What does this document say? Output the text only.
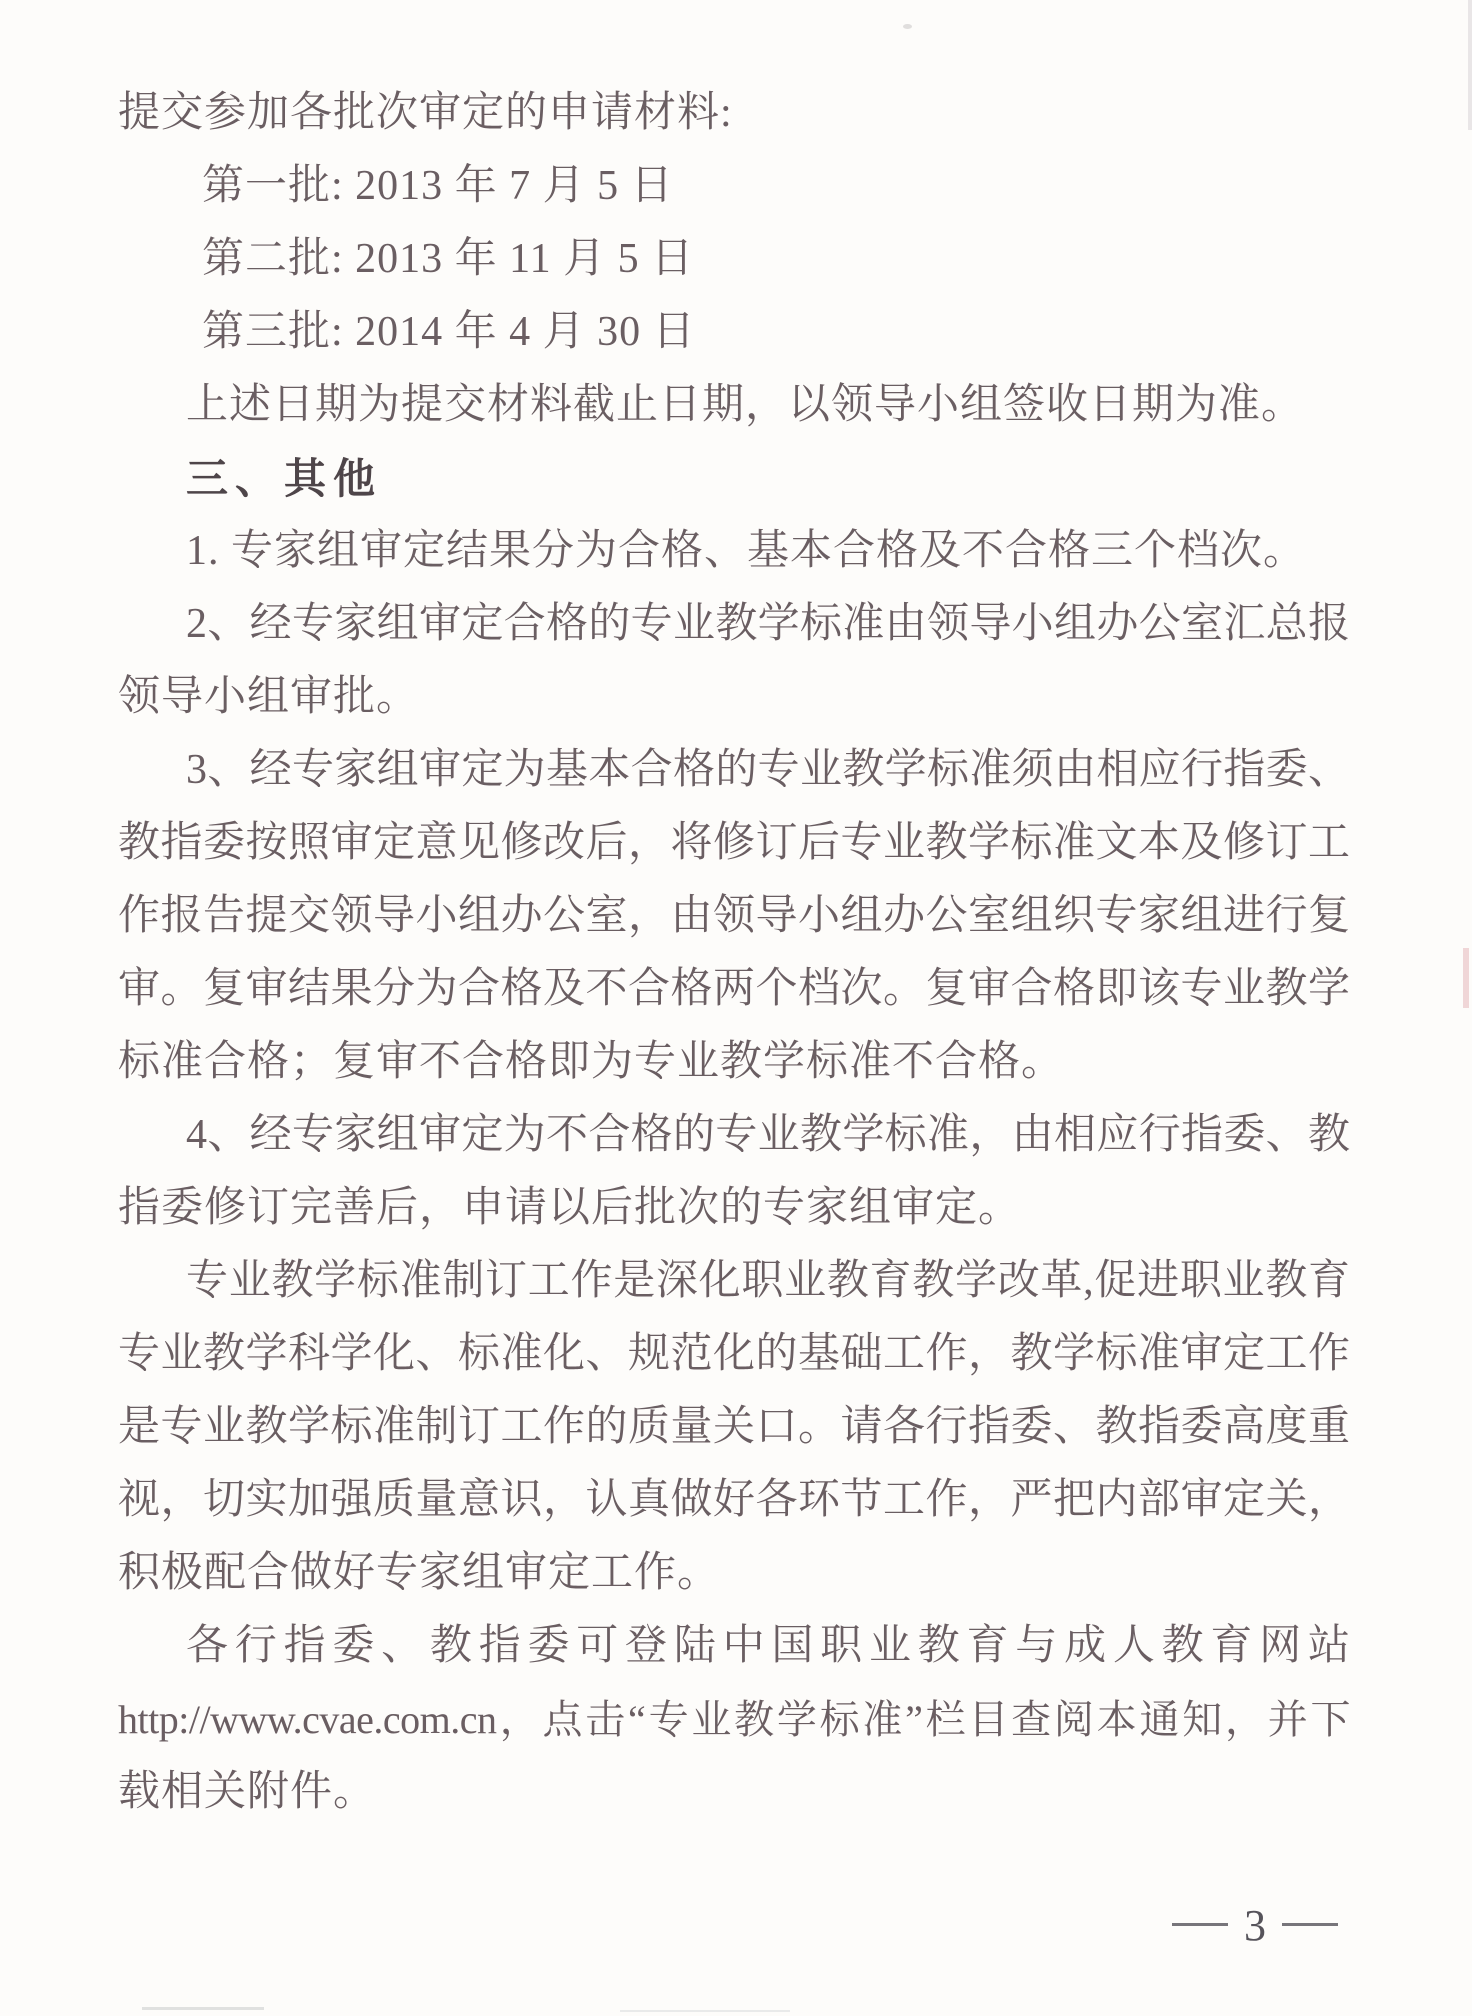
提交参加各批次审定的申请材料:
第一批: 2013 年 7 月 5 日
第二批: 2013 年 11 月 5 日
第三批: 2014 年 4 月 30 日
上述日期为提交材料截止日期，以领导小组签收日期为准。
三、其他
1. 专家组审定结果分为合格、基本合格及不合格三个档次。
2、经专家组审定合格的专业教学标准由领导小组办公室汇总报
领导小组审批。
3、经专家组审定为基本合格的专业教学标准须由相应行指委、
教指委按照审定意见修改后，将修订后专业教学标准文本及修订工
作报告提交领导小组办公室，由领导小组办公室组织专家组进行复
审。复审结果分为合格及不合格两个档次。复审合格即该专业教学
标准合格；复审不合格即为专业教学标准不合格。
4、经专家组审定为不合格的专业教学标准，由相应行指委、教
指委修订完善后，申请以后批次的专家组审定。
专业教学标准制订工作是深化职业教育教学改革,促进职业教育
专业教学科学化、标准化、规范化的基础工作，教学标准审定工作
是专业教学标准制订工作的质量关口。请各行指委、教指委高度重
视，切实加强质量意识，认真做好各环节工作，严把内部审定关，
积极配合做好专家组审定工作。
各行指委、教指委可登陆中国职业教育与成人教育网站
http://www.cvae.com.cn，点击“专业教学标准”栏目查阅本通知，并下
载相关附件。
3
